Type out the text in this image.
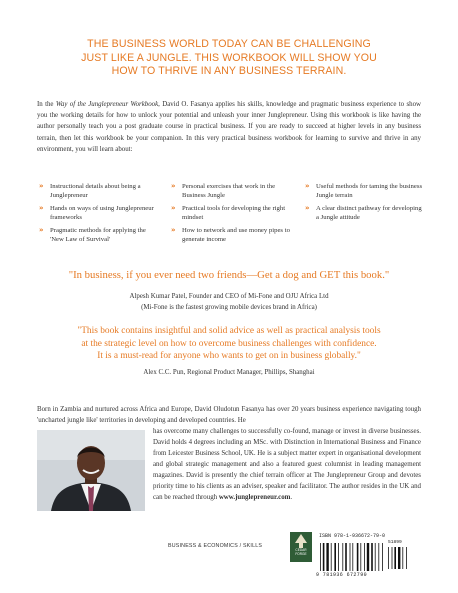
THE BUSINESS WORLD TODAY CAN BE CHALLENGING
JUST LIKE A JUNGLE. THIS WORKBOOK WILL SHOW YOU
HOW TO THRIVE IN ANY BUSINESS TERRAIN.
In the Way of the Junglepreneur Workbook, David O. Fasanya applies his skills, knowledge and pragmatic business experience to show you the working details for how to unlock your potential and unleash your inner Junglepreneur. Using this workbook is like having the author personally teach you a post graduate course in practical business. If you are ready to succeed at higher levels in any business terrain, then let this workbook be your companion. In this very practical business workbook for learning to survive and thrive in any environment, you will learn about:
» Instructional details about being a Junglepreneur
» Hands on ways of using Junglepreneur frameworks
» Pragmatic methods for applying the 'New Law of Survival'
» Personal exercises that work in the Business Jungle
» Practical tools for developing the right mindset
» How to network and use money pipes to generate income
» Useful methods for taming the business Jungle terrain
» A clear distinct pathway for developing a Jungle attitude
"In business, if you ever need two friends—Get a dog and GET this book."
Alpesh Kumar Patel, Founder and CEO of Mi-Fone and OJU Africa Ltd
(Mi-Fone is the fastest growing mobile devices brand in Africa)
"This book contains insightful and solid advice as well as practical analysis tools
at the strategic level on how to overcome business challenges with confidence.
It is a must-read for anyone who wants to get on in business globally."
Alex C.C. Pun, Regional Product Manager, Phillips, Shanghai
Born in Zambia and nurtured across Africa and Europe, David Oludotun Fasanya has over 20 years business experience navigating tough 'uncharted jungle like' territories in developing and developed countries. He
has overcome many challenges to successfully co-found, manage or invest in diverse businesses. David holds 4 degrees including an MSc. with Distinction in International Business and Finance from Leicester Business School, UK. He is a subject matter expert in organisational development and global strategic management and also a featured guest columnist in leading management magazines. David is presently the chief terrain officer at The Junglepreneur Group and devotes priority time to his clients as an adviser, speaker and facilitator. The author resides in the UK and can be reached through www.junglepreneur.com.
BUSINESS & ECONOMICS / SKILLS
CEDAR
FORGE
ISBN 978-1-936672-79-0
51899
9 781936 672790
